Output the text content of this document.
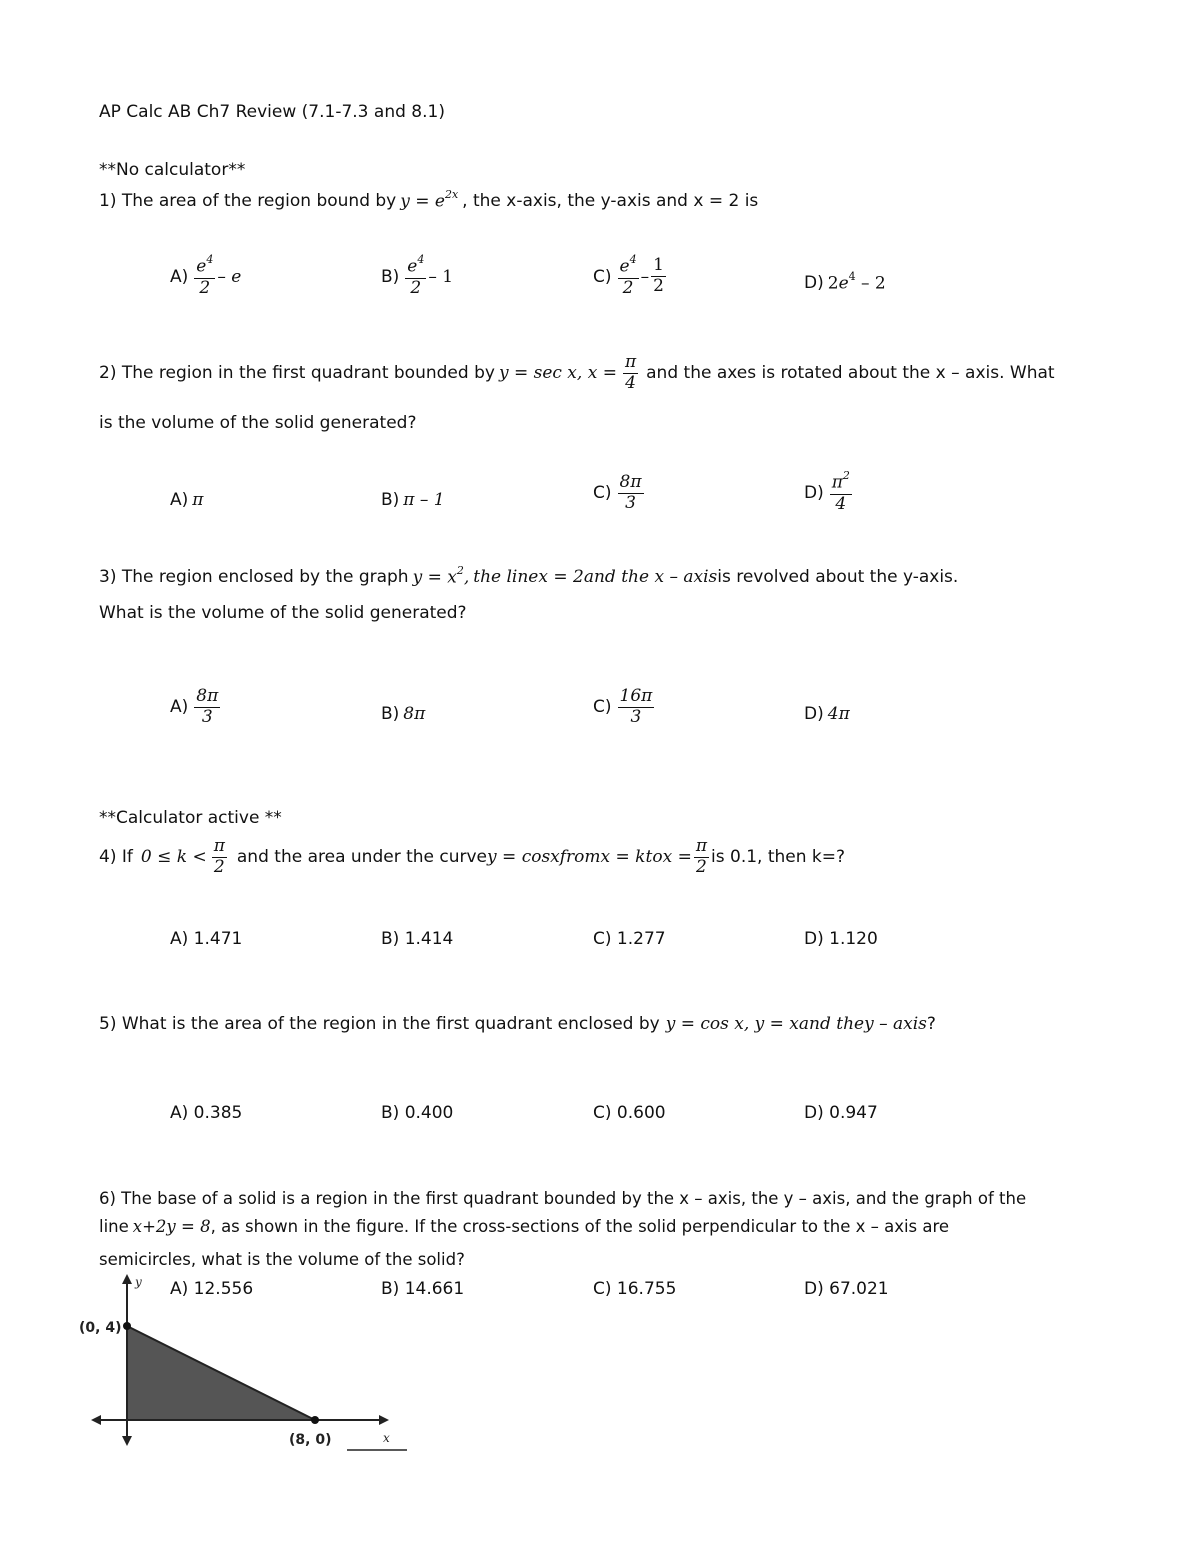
AP Calc AB Ch7 Review (7.1-7.3 and 8.1)
**No calculator**
1) The area of the region bound by $y = e^{2x}$ , the x-axis, the y-axis and x = 2 is
$A) \frac{e^4}{2}$ – e	$B) \frac{e^4}{2} - 1$	$C) \frac{e^4}{2} - \frac{1}{2}$	D) $2e^4 - 2$
2) The region in the first quadrant bounded by y = sec x, $x = \frac{\pi}{4}$ and the axes is rotated about the x – axis. What
is the volume of the solid generated?
A) π	B) π – 1	$C) \frac{8\pi}{3}$	$D) \frac{\pi^2}{4}$
3) The region enclosed by the graph $y = x^2$, the line x = 2 and the x – axis is revolved about the y-axis.
What is the volume of the solid generated?
$A) \frac{8\pi}{3}$	B) 8π	$C) \frac{16\pi}{3}$	D) 4π
**Calculator active **
4) If $0 \le k < \frac{\pi}{2}$ and the area under the curve y = cosx from x = k to $x = \frac{\pi}{2}$ is 0.1, then k=?
A) 1.471	B) 1.414	C) 1.277	D) 1.120
5) What is the area of the region in the first quadrant enclosed by y = cos x, y = x and the y – axis ?
A) 0.385	B) 0.400	C) 0.600	D) 0.947
6) The base of a solid is a region in the first quadrant bounded by the x – axis, the y – axis, and the graph of the
line x+2y = 8 , as shown in the figure. If the cross-sections of the solid perpendicular to the x – axis are
semicircles, what is the volume of the solid?
A) 12.556	B) 14.661	C) 16.755	D) 67.021
(0, 4)
(8, 0)
y
x
